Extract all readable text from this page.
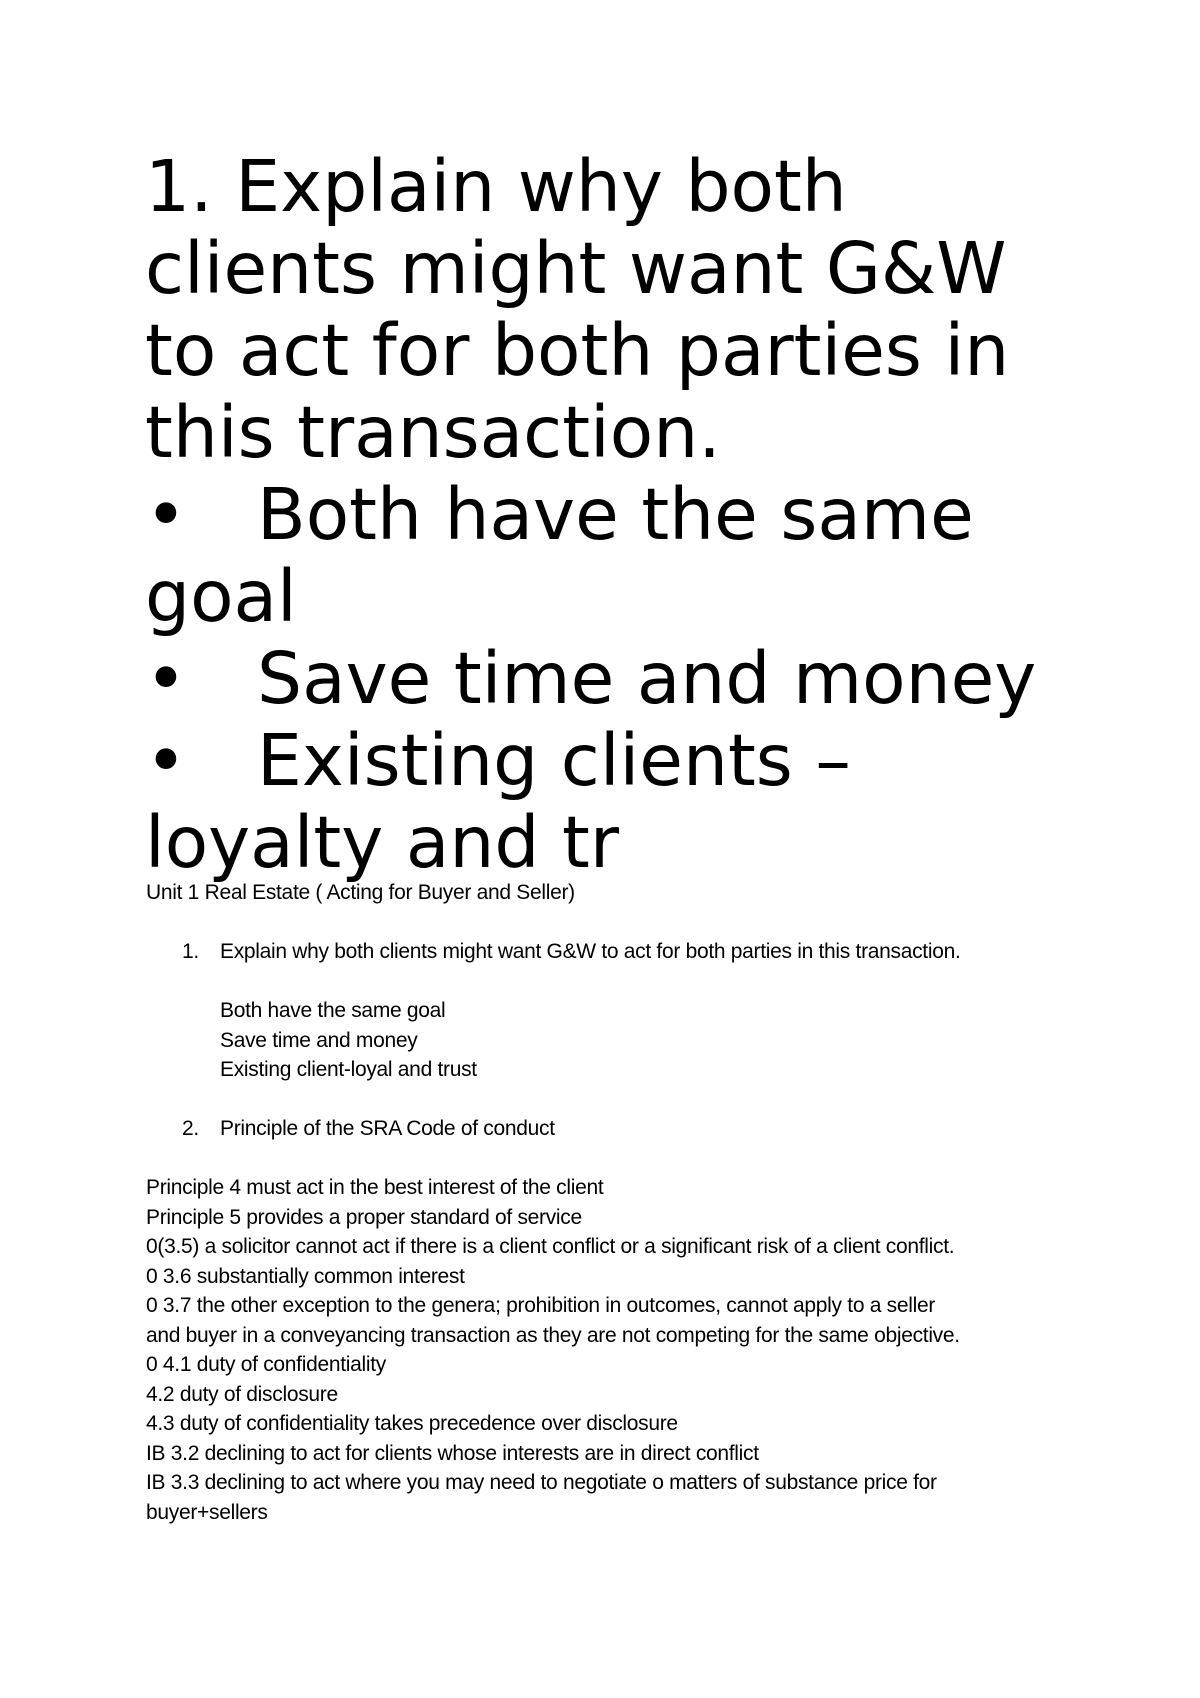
1. Explain why both
clients might want G&W
to act for both parties in
this transaction.
• Both have the same
goal
• Save time and money
• Existing clients –
loyalty and tr
Unit 1 Real Estate ( Acting for Buyer and Seller)
1. Explain why both clients might want G&W to act for both parties in this transaction.
Both have the same goal
Save time and money
Existing client-loyal and trust
2. Principle of the SRA Code of conduct
Principle 4 must act in the best interest of the client
Principle 5 provides a proper standard of service
0(3.5) a solicitor cannot act if there is a client conflict or a significant risk of a client conflict.
0 3.6 substantially common interest
0 3.7 the other exception to the genera; prohibition in outcomes, cannot apply to a seller
and buyer in a conveyancing transaction as they are not competing for the same objective.
0 4.1 duty of confidentiality
4.2 duty of disclosure
4.3 duty of confidentiality takes precedence over disclosure
IB 3.2 declining to act for clients whose interests are in direct conflict
IB 3.3 declining to act where you may need to negotiate o matters of substance price for
buyer+sellers
